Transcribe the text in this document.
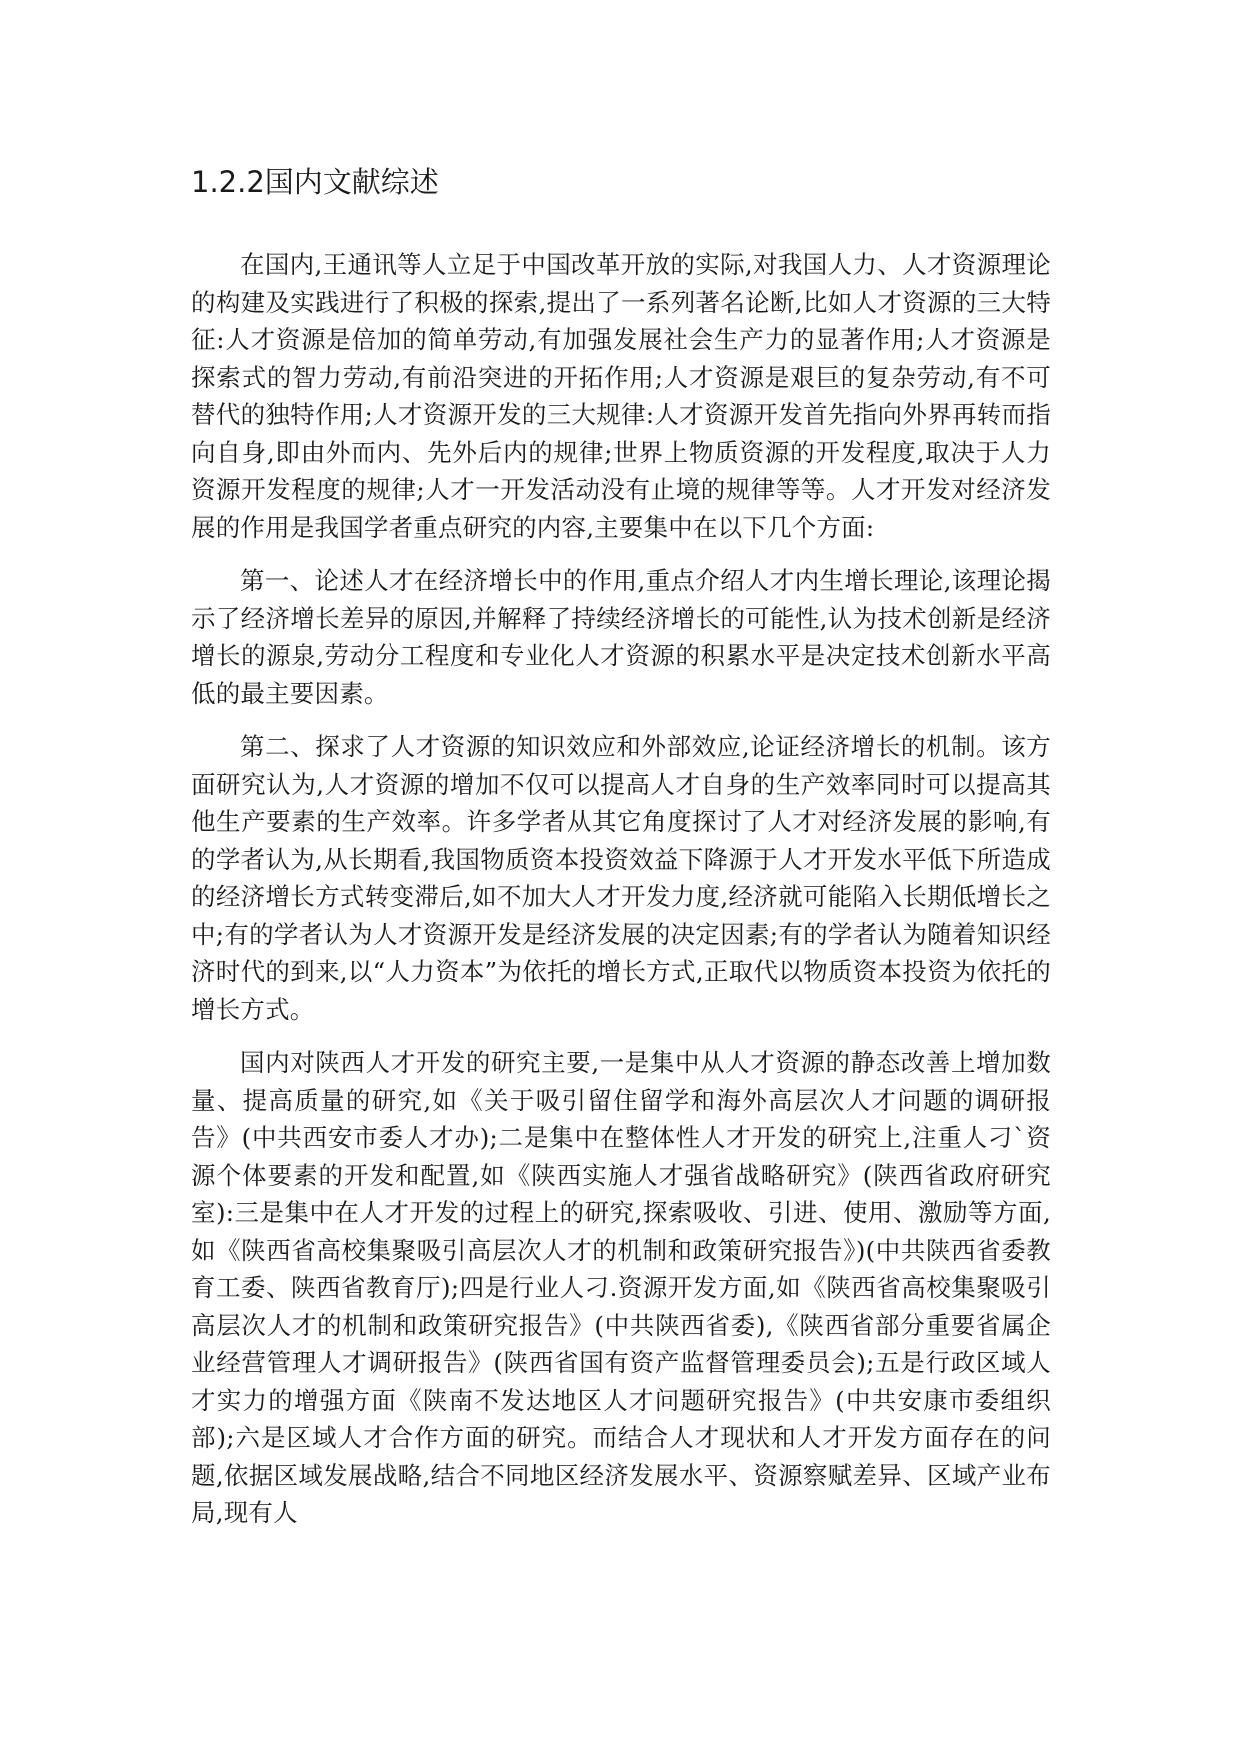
1.2.2国内文献综述

在国内,王通讯等人立足于中国改革开放的实际,对我国人力、人才资源理论的构建及实践进行了积极的探索,提出了一系列著名论断,比如人才资源的三大特征:人才资源是倍加的简单劳动,有加强发展社会生产力的显著作用;人才资源是探索式的智力劳动,有前沿突进的开拓作用;人才资源是艰巨的复杂劳动,有不可替代的独特作用;人才资源开发的三大规律:人才资源开发首先指向外界再转而指向自身,即由外而内、先外后内的规律;世界上物质资源的开发程度,取决于人力资源开发程度的规律;人才一开发活动没有止境的规律等等。人才开发对经济发展的作用是我国学者重点研究的内容,主要集中在以下几个方面:

第一、论述人才在经济增长中的作用,重点介绍人才内生增长理论,该理论揭示了经济增长差异的原因,并解释了持续经济增长的可能性,认为技术创新是经济增长的源泉,劳动分工程度和专业化人才资源的积累水平是决定技术创新水平高低的最主要因素。

第二、探求了人才资源的知识效应和外部效应,论证经济增长的机制。该方面研究认为,人才资源的增加不仅可以提高人才自身的生产效率同时可以提高其他生产要素的生产效率。许多学者从其它角度探讨了人才对经济发展的影响,有的学者认为,从长期看,我国物质资本投资效益下降源于人才开发水平低下所造成的经济增长方式转变滞后,如不加大人才开发力度,经济就可能陷入长期低增长之中;有的学者认为人才资源开发是经济发展的决定因素;有的学者认为随着知识经济时代的到来,以“人力资本”为依托的增长方式,正取代以物质资本投资为依托的增长方式。

国内对陕西人才开发的研究主要,一是集中从人才资源的静态改善上增加数量、提高质量的研究,如《关于吸引留住留学和海外高层次人才问题的调研报告》(中共西安市委人才办);二是集中在整体性人才开发的研究上,注重人刁`资源个体要素的开发和配置,如《陕西实施人才强省战略研究》(陕西省政府研究室):三是集中在人才开发的过程上的研究,探索吸收、引进、使用、激励等方面,如《陕西省高校集聚吸引高层次人才的机制和政策研究报告》)(中共陕西省委教育工委、陕西省教育厅);四是行业人刁.资源开发方面,如《陕西省高校集聚吸引高层次人才的机制和政策研究报告》(中共陕西省委),《陕西省部分重要省属企业经营管理人才调研报告》(陕西省国有资产监督管理委员会);五是行政区域人才实力的增强方面《陕南不发达地区人才问题研究报告》(中共安康市委组织部);六是区域人才合作方面的研究。而结合人才现状和人才开发方面存在的问题,依据区域发展战略,结合不同地区经济发展水平、资源察赋差异、区域产业布局,现有人
